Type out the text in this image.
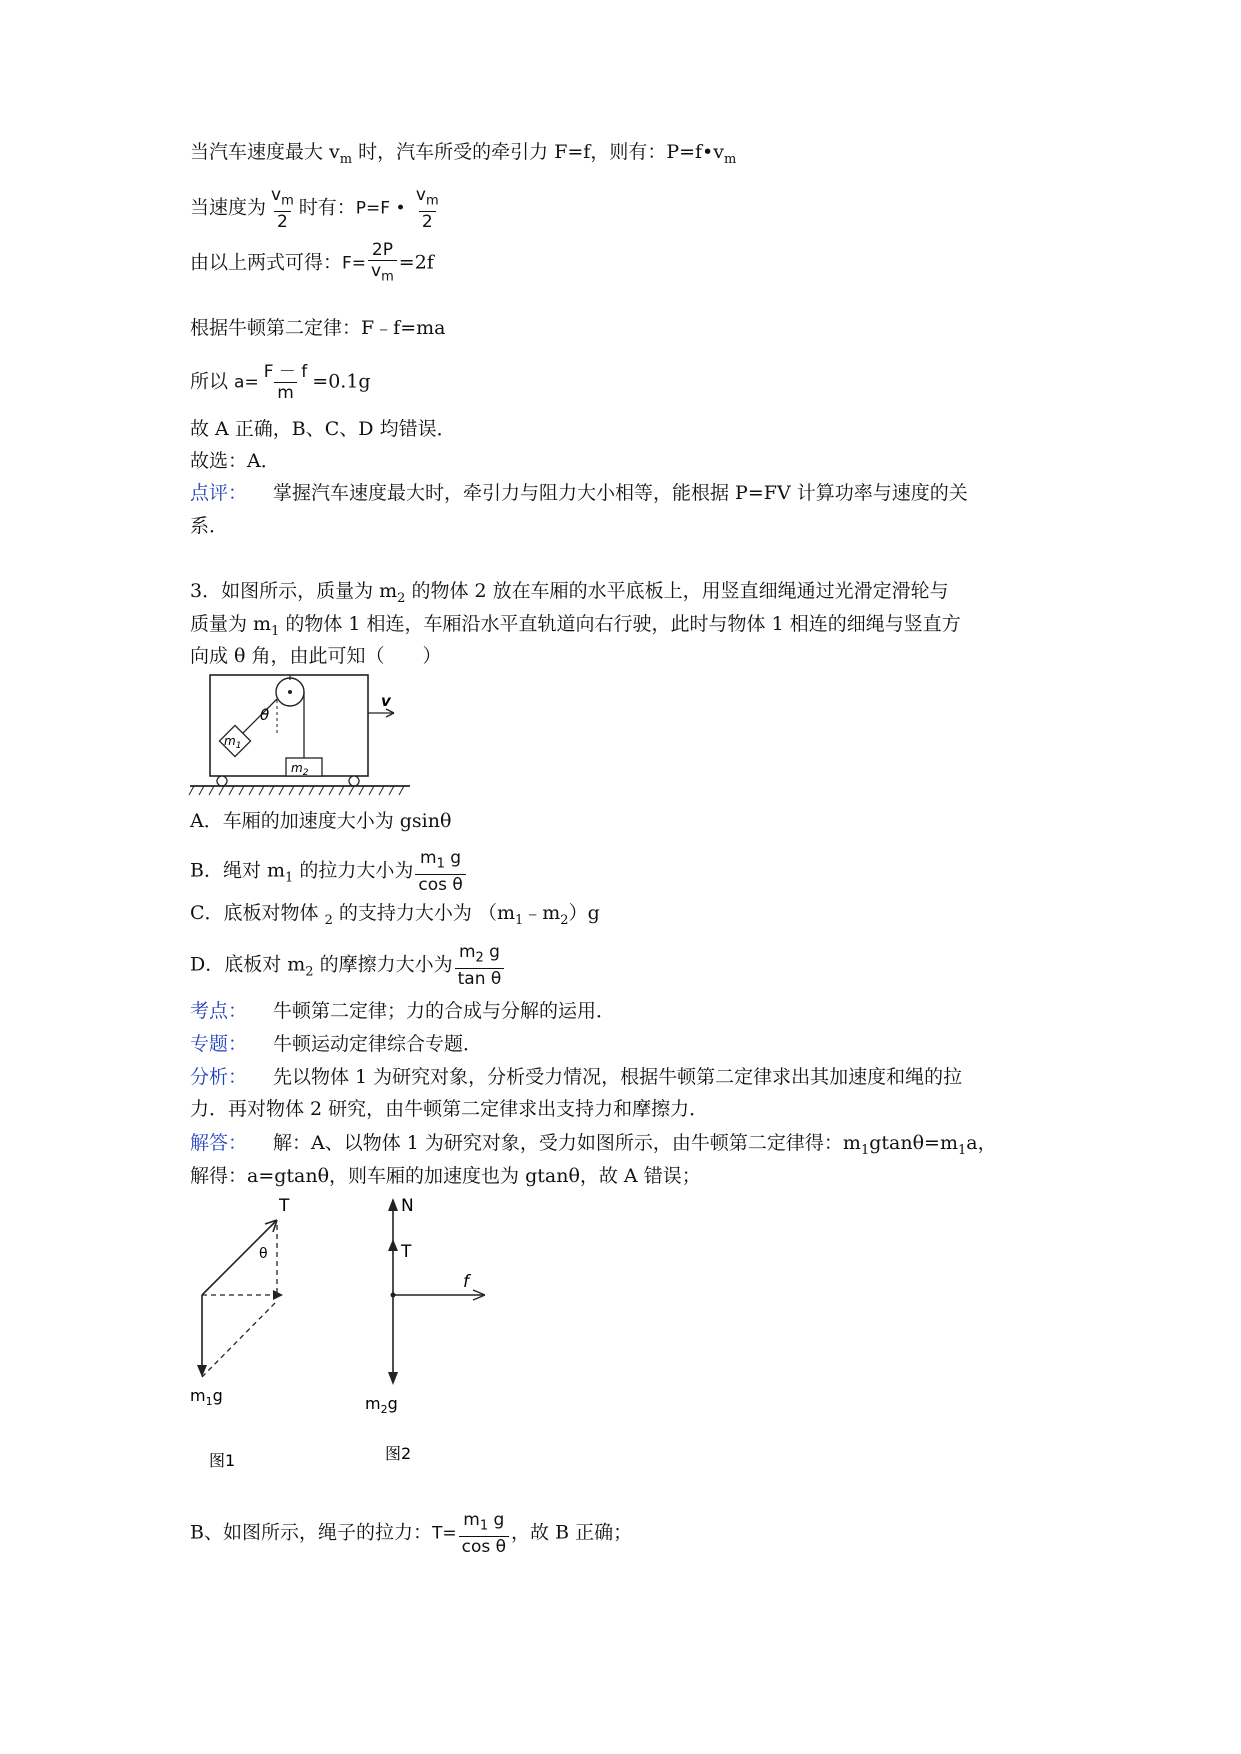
当汽车速度最大 $v_m$ 时，汽车所受的牵引力 F=f，则有：$P=f•v_m$
当速度为 $\frac{v_m}{2}$ 时有：P=F • $\frac{v_m}{2}$
由以上两式可得：$F= \frac{2P}{v_m} =2f$
根据牛顿第二定律：F﹣f=ma
所以 $a= \frac{F - f}{m} =0.1g$
故 A 正确，B、C、D 均错误．
故选：A．
点评： 掌握汽车速度最大时，牵引力与阻力大小相等，能根据 P=FV 计算功率与速度的关
系．
3．如图所示，质量为 $m_2$ 的物体 2 放在车厢的水平底板上，用竖直细绳通过光滑定滑轮与
质量为 $m_1$ 的物体 1 相连，车厢沿水平直轨道向右行驶，此时与物体 1 相连的细绳与竖直方
向成 θ 角，由此可知（　　）
θ
$m_1$
$m_2$
v
A．车厢的加速度大小为 gsinθ
B．绳对 $m_1$ 的拉力大小为 $\frac{m_1 g}{\text{cos θ}}$
C．底板对物体 $_2$ 的支持力大小为 $(m_1﹣m_2)g$
D．底板对 $m_2$ 的摩擦力大小为 $\frac{m_2 g}{\text{tan θ}}$
考点： 牛顿第二定律；力的合成与分解的运用．
专题： 牛顿运动定律综合专题．
分析： 先以物体 1 为研究对象，分析受力情况，根据牛顿第二定律求出其加速度和绳的拉
力．再对物体 2 研究，由牛顿第二定律求出支持力和摩擦力．
解答： 解：A、以物体 1 为研究对象，受力如图所示，由牛顿第二定律得：$m_1gtan\theta=m_1a$，
解得：a=gtanθ，则车厢的加速度也为 gtanθ，故 A 错误；
T
θ
$m_1g$
图1
N
T
f
$m_2g$
图2
B、如图所示，绳子的拉力：$T= \frac{m_1 g}{\text{cos θ}}$ ，故 B 正确；
